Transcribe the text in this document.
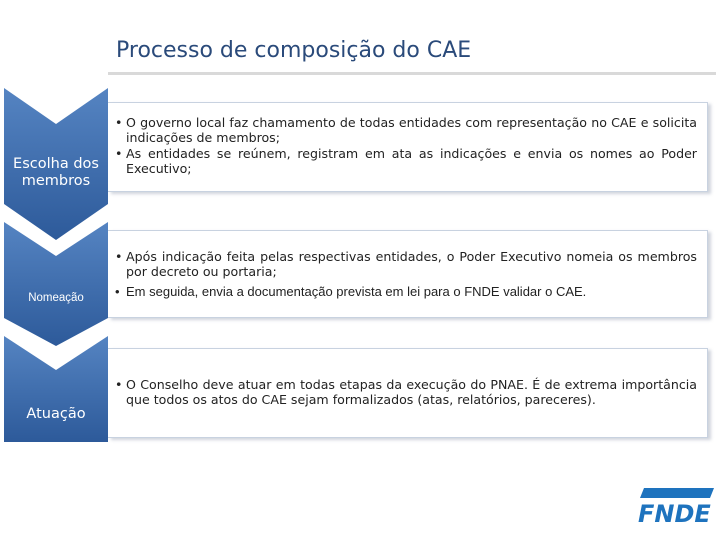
Processo de composição do CAE
Escolha dos membros
Nomeação
Atuação
• O governo local faz chamamento de todas entidades com representação no CAE e solicita indicações de membros;
• As entidades se reúnem, registram em ata as indicações e envia os nomes ao Poder Executivo;
• Após indicação feita pelas respectivas entidades, o Poder Executivo nomeia os membros por decreto ou portaria;
• Em seguida, envia a documentação prevista em lei para o FNDE validar o CAE.
• O Conselho deve atuar em todas etapas da execução do PNAE. É de extrema importância que todos os atos do CAE sejam formalizados (atas, relatórios, pareceres).
FNDE
